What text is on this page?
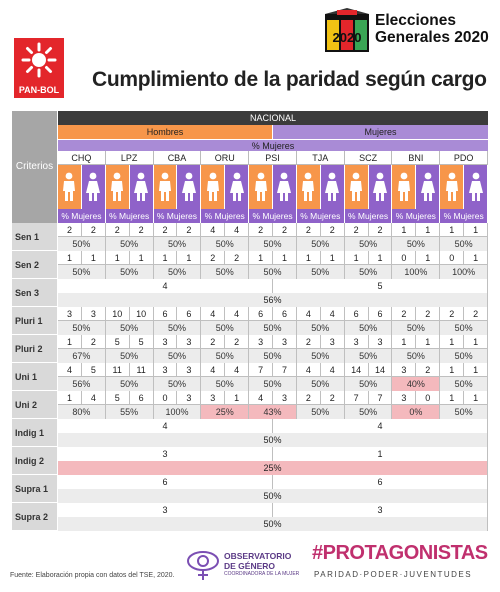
PAN-BOL Cumplimiento de la paridad según cargo
2020
Elecciones
Generales 2020
Criterios
NACIONAL
Hombres	Mujeres
% Mujeres
CHQ	LPZ	CBA	ORU	PSI	TJA	SCZ	BNI	PDO
% Mujeres % Mujeres % Mujeres % Mujeres % Mujeres % Mujeres % Mujeres % Mujeres % Mujeres
Sen 1
2	2	2	2	2	2	4	4	2	2	2	2	2	2	1	1	1	1
50%	50%	50%	50%	50%	50%	50%	50%	50%
Sen 2
1	1	1	1	1	1	2	2	1	1	1	1	1	1	0	1	0	1
50%	50%	50%	50%	50%	50%	50%	100%	100%
Sen 3
4	5
56%
Pluri 1
3	3	10	10	6	6	4	4	6	6	4	4	6	6	2	2	2	2
50%	50%	50%	50%	50%	50%	50%	50%	50%
Pluri 2
1	2	5	5	3	3	2	2	3	3	2	3	3	3	1	1	1	1
67%	50%	50%	50%	50%	50%	50%	50%	50%
Uni 1
4	5	11	11	3	3	4	4	7	7	4	4	14	14	3	2	1	1
56%	50%	50%	50%	50%	50%	50%	40%	50%
Uni 2
1	4	5	6	0	3	3	1	4	3	2	2	7	7	3	0	1	1
80%	55%	100%	25%	43%	50%	50%	0%	50%
Indig 1
4	4
50%
Indig 2
3	1
25%
Supra 1
6	6
50%
Supra 2
3	3
50%
Fuente: Elaboración propia con datos del TSE, 2020.
OBSERVATORIO
DE GÉNERO
COORDINADORA DE LA MUJER
#PROTAGONISTAS
PARIDAD·PODER·JUVENTUDES
